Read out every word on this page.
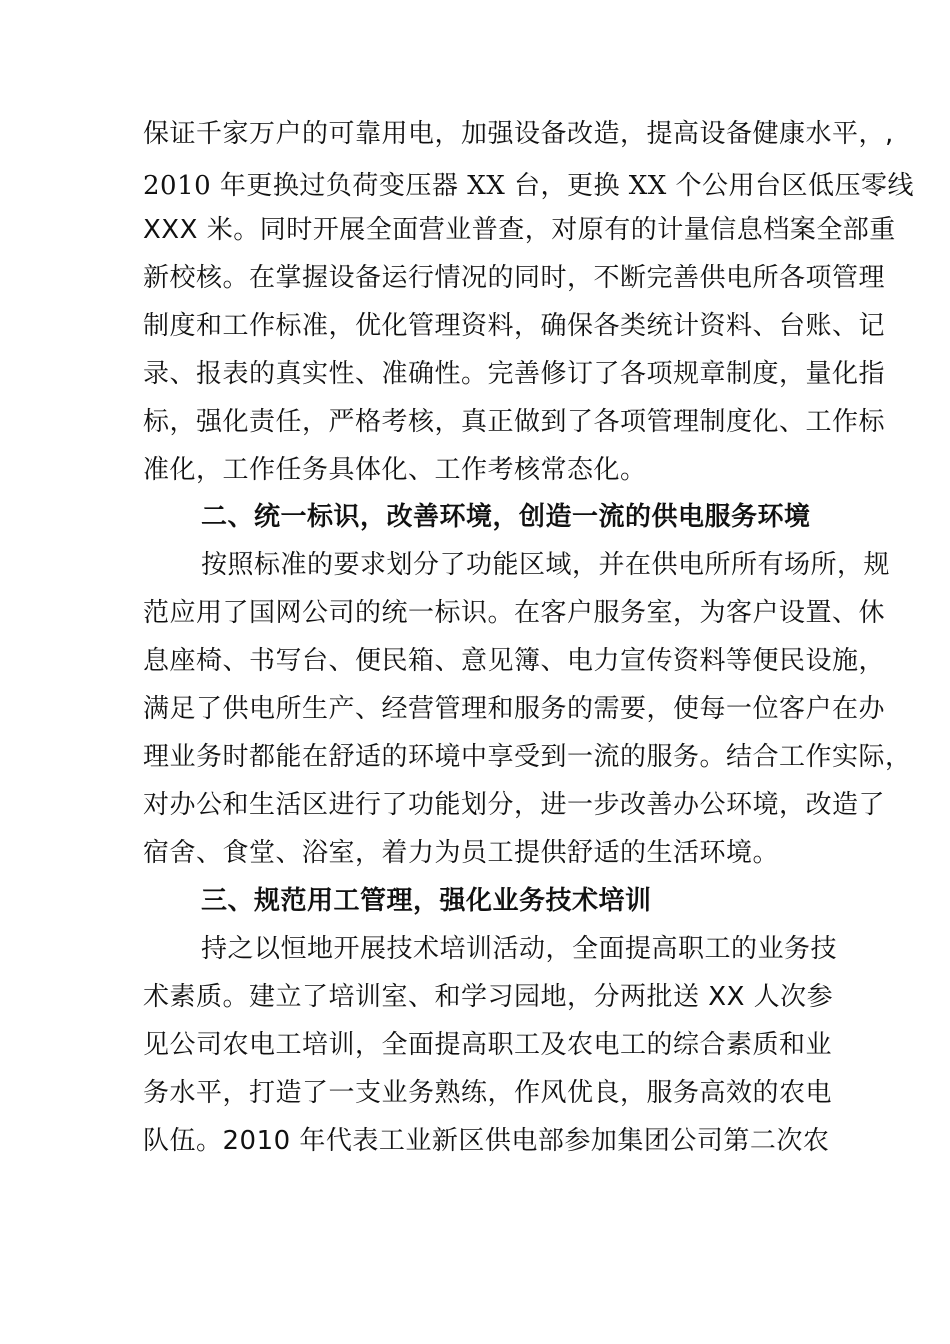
保证千家万户的可靠用电，加强设备改造，提高设备健康水平，,
2010 年更换过负荷变压器 XX 台，更换 XX 个公用台区低压零线
XXX 米。同时开展全面营业普查，对原有的计量信息档案全部重
新校核。在掌握设备运行情况的同时，不断完善供电所各项管理
制度和工作标准，优化管理资料，确保各类统计资料、台账、记
录、报表的真实性、准确性。完善修订了各项规章制度，量化指
标，强化责任，严格考核，真正做到了各项管理制度化、工作标
准化，工作任务具体化、工作考核常态化。
二、统一标识，改善环境，创造一流的供电服务环境
按照标准的要求划分了功能区域，并在供电所所有场所，规
范应用了国网公司的统一标识。在客户服务室，为客户设置、休
息座椅、书写台、便民箱、意见簿、电力宣传资料等便民设施，
满足了供电所生产、经营管理和服务的需要，使每一位客户在办
理业务时都能在舒适的环境中享受到一流的服务。结合工作实际，
对办公和生活区进行了功能划分，进一步改善办公环境，改造了
宿舍、食堂、浴室，着力为员工提供舒适的生活环境。
三、规范用工管理，强化业务技术培训
持之以恒地开展技术培训活动，全面提高职工的业务技
术素质。建立了培训室、和学习园地，分两批送 XX 人次参
见公司农电工培训，全面提高职工及农电工的综合素质和业
务水平，打造了一支业务熟练，作风优良，服务高效的农电
队伍。2010 年代表工业新区供电部参加集团公司第二次农
